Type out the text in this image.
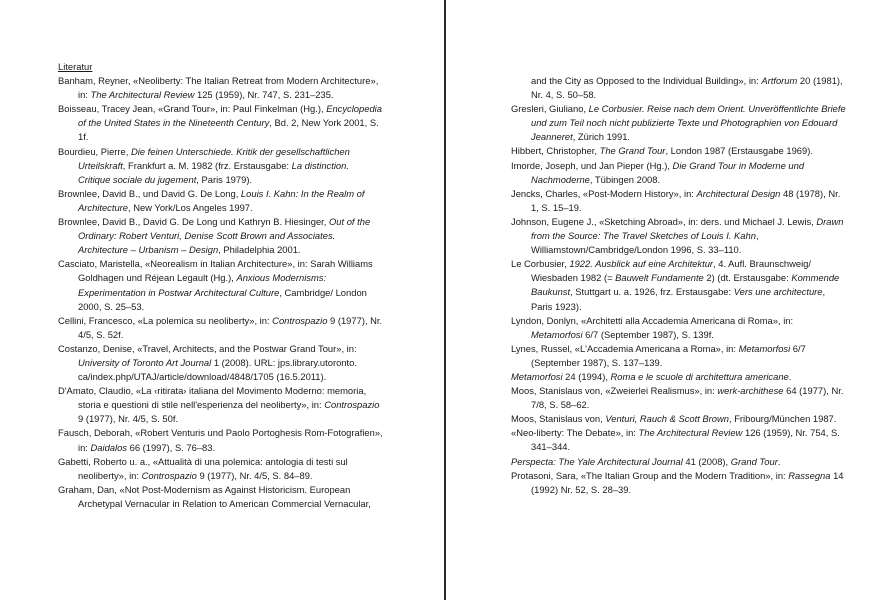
Literatur
Banham, Reyner, «Neoliberty: The Italian Retreat from Modern Architecture», in: The Architectural Review 125 (1959), Nr. 747, S. 231–235.
Boisseau, Tracey Jean, «Grand Tour», in: Paul Finkelman (Hg.), Encyclopedia of the United States in the Nineteenth Century, Bd. 2, New York 2001, S. 1f.
Bourdieu, Pierre, Die feinen Unterschiede. Kritik der gesellschaftlichen Urteilskraft, Frankfurt a. M. 1982 (frz. Erstausgabe: La distinction. Critique sociale du jugement, Paris 1979).
Brownlee, David B., und David G. De Long, Louis I. Kahn: In the Realm of Architecture, New York/Los Angeles 1997.
Brownlee, David B., David G. De Long und Kathryn B. Hiesinger, Out of the Ordinary: Robert Venturi, Denise Scott Brown and Associates. Architecture – Urbanism – Design, Philadelphia 2001.
Casciato, Maristella, «Neorealism in Italian Architecture», in: Sarah Williams Goldhagen und Réjean Legault (Hg.), Anxious Modernisms: Experimentation in Postwar Architectural Culture, Cambridge/ London 2000, S. 25–53.
Cellini, Francesco, «La polemica su neoliberty», in: Controspazio 9 (1977), Nr. 4/5, S. 52f.
Costanzo, Denise, «Travel, Architects, and the Postwar Grand Tour», in: University of Toronto Art Journal 1 (2008). URL: jps.library.utoronto. ca/index.php/UTAJ/article/download/4848/1705 (16.5.2011).
D'Amato, Claudio, «La ‹ritirata› italiana del Movimento Moderno: memoria, storia e questioni di stile nell'esperienza del neoliberty», in: Controspazio 9 (1977), Nr. 4/5, S. 50f.
Fausch, Deborah, «Robert Venturis und Paolo Portoghesis Rom-Fotografien», in: Daidalos 66 (1997), S. 76–83.
Gabetti, Roberto u. a., «Attualità di una polemica: antologia di testi sul neoliberty», in: Controspazio 9 (1977), Nr. 4/5, S. 84–89.
Graham, Dan, «Not Post-Modernism as Against Historicism. European Archetypal Vernacular in Relation to American Commercial Vernacular,
and the City as Opposed to the Individual Building», in: Artforum 20 (1981), Nr. 4, S. 50–58.
Gresleri, Giuliano, Le Corbusier. Reise nach dem Orient. Unveröffentlichte Briefe und zum Teil noch nicht publizierte Texte und Photographien von Edouard Jeanneret, Zürich 1991.
Hibbert, Christopher, The Grand Tour, London 1987 (Erstausgabe 1969).
Imorde, Joseph, und Jan Pieper (Hg.), Die Grand Tour in Moderne und Nachmoderne, Tübingen 2008.
Jencks, Charles, «Post-Modern History», in: Architectural Design 48 (1978), Nr. 1, S. 15–19.
Johnson, Eugene J., «Sketching Abroad», in: ders. und Michael J. Lewis, Drawn from the Source: The Travel Sketches of Louis I. Kahn, Williamstown/Cambridge/London 1996, S. 33–110.
Le Corbusier, 1922. Ausblick auf eine Architektur, 4. Aufl. Braunschweig/ Wiesbaden 1982 (= Bauwelt Fundamente 2) (dt. Erstausgabe: Kommende Baukunst, Stuttgart u. a. 1926, frz. Erstausgabe: Vers une architecture, Paris 1923).
Lyndon, Donlyn, «Architetti alla Accademia Americana di Roma», in: Metamorfosi 6/7 (September 1987), S. 139f.
Lynes, Russel, «L'Accademia Americana a Roma», in: Metamorfosi 6/7 (September 1987), S. 137–139.
Metamorfosi 24 (1994), Roma e le scuole di architettura americane.
Moos, Stanislaus von, «Zweierlei Realismus», in: werk-archithese 64 (1977), Nr. 7/8, S. 58–62.
Moos, Stanislaus von, Venturi, Rauch & Scott Brown, Fribourg/München 1987.
«Neo-liberty: The Debate», in: The Architectural Review 126 (1959), Nr. 754, S. 341–344.
Perspecta: The Yale Architectural Journal 41 (2008), Grand Tour.
Protasoni, Sara, «The Italian Group and the Modern Tradition», in: Rassegna 14 (1992) Nr. 52, S. 28–39.
